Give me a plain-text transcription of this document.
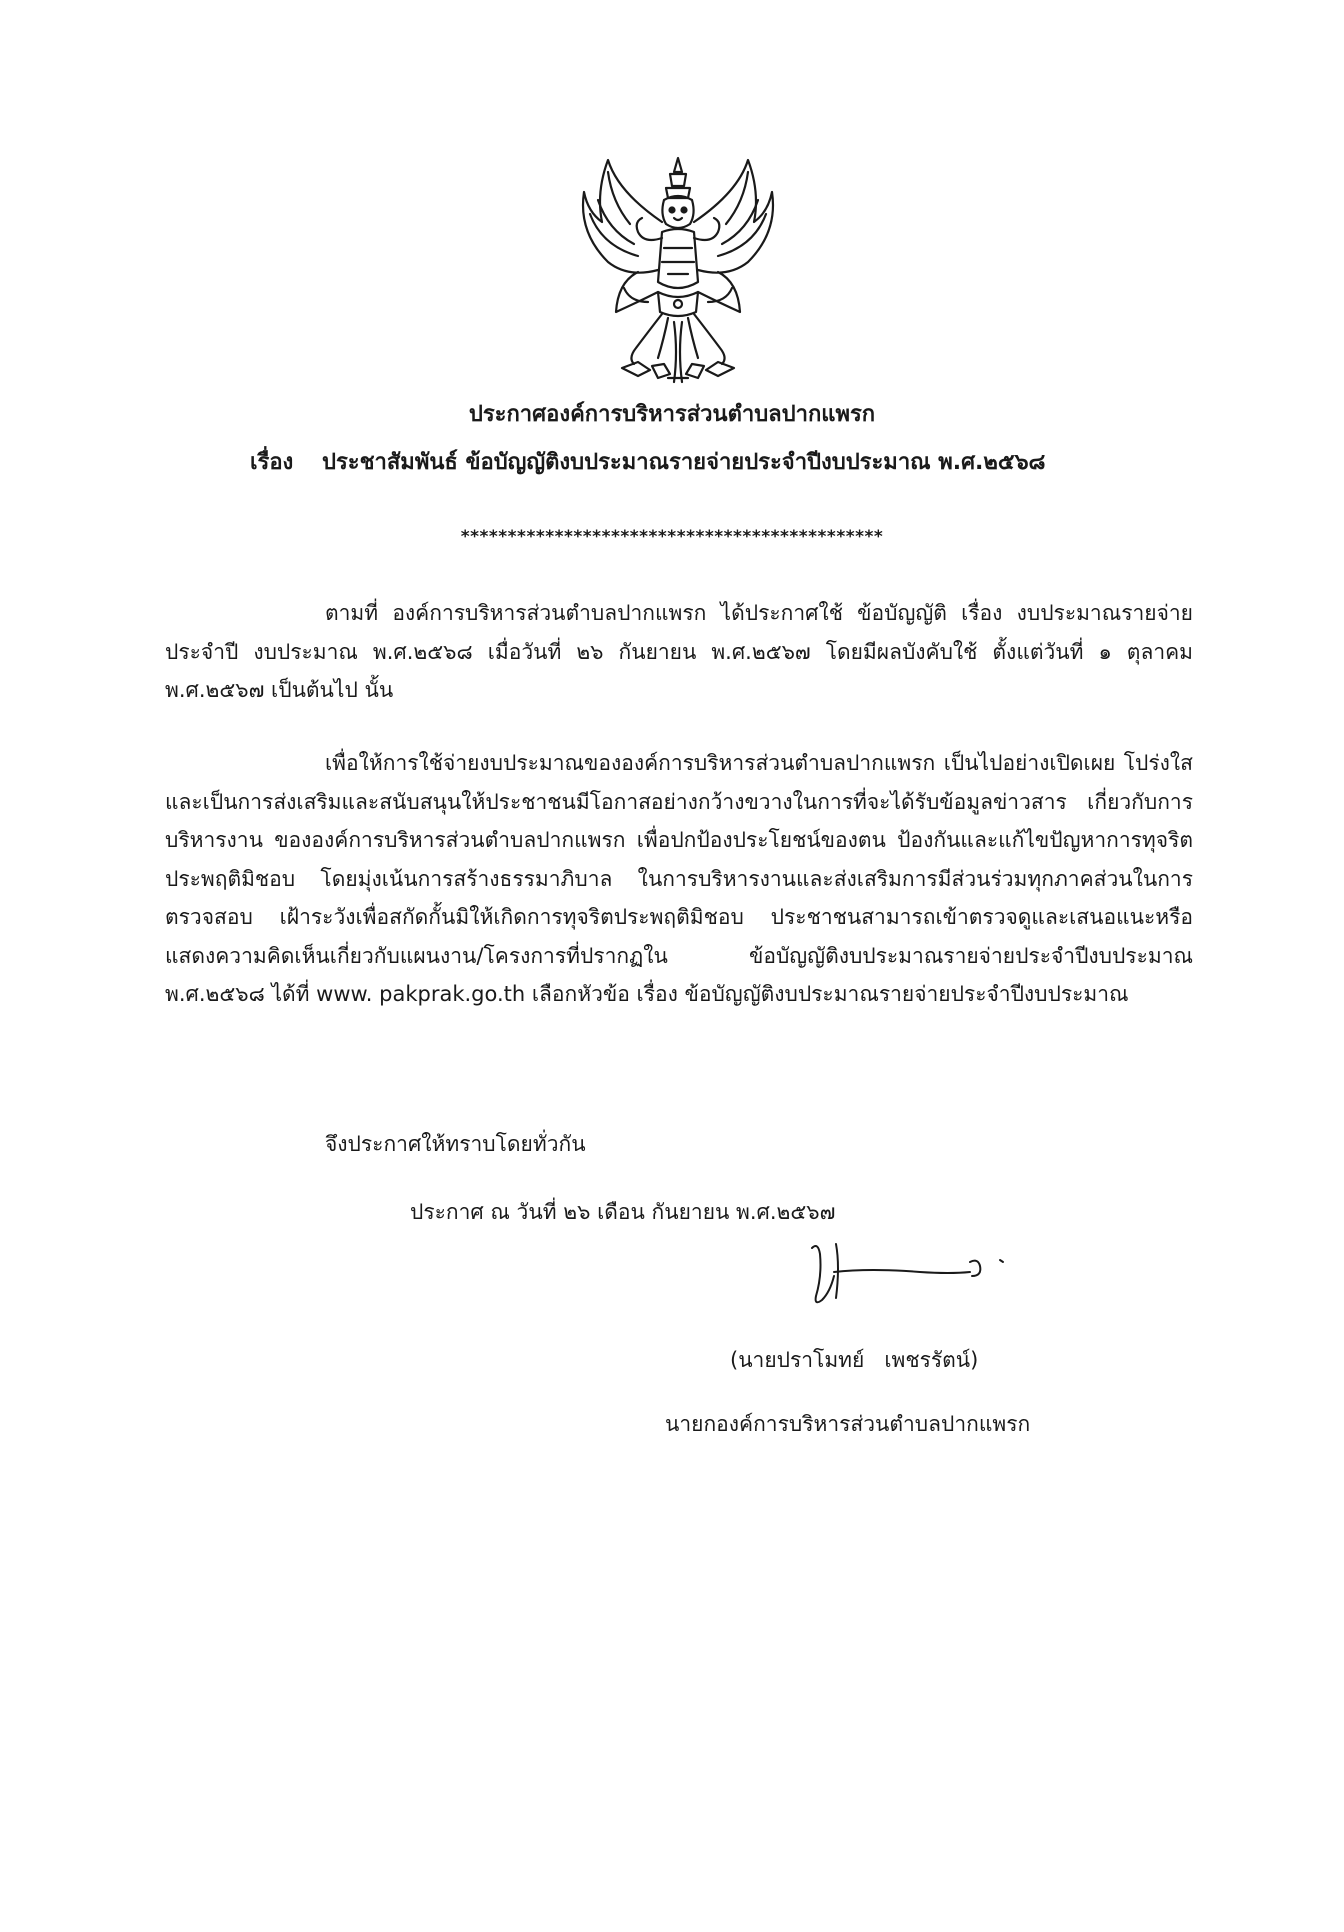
ประกาศองค์การบริหารส่วนตำบลปากแพรก
เรื่อง ประชาสัมพันธ์ ข้อบัญญัติงบประมาณรายจ่ายประจำปีงบประมาณ พ.ศ.๒๕๖๘
*********************************************
ตามที่ องค์การบริหารส่วนตำบลปากแพรก ได้ประกาศใช้ ข้อบัญญัติ เรื่อง งบประมาณรายจ่ายประจำปี งบประมาณ พ.ศ.๒๕๖๘ เมื่อวันที่ ๒๖ กันยายน พ.ศ.๒๕๖๗ โดยมีผลบังคับใช้ ตั้งแต่วันที่ ๑ ตุลาคม พ.ศ.๒๕๖๗ เป็นต้นไป นั้น
เพื่อให้การใช้จ่ายงบประมาณขององค์การบริหารส่วนตำบลปากแพรก เป็นไปอย่างเปิดเผย โปร่งใส และเป็นการส่งเสริมและสนับสนุนให้ประชาชนมีโอกาสอย่างกว้างขวางในการที่จะได้รับข้อมูลข่าวสาร เกี่ยวกับการบริหารงาน ขององค์การบริหารส่วนตำบลปากแพรก เพื่อปกป้องประโยชน์ของตน ป้องกันและแก้ไขปัญหาการทุจริต ประพฤติมิชอบ โดยมุ่งเน้นการสร้างธรรมาภิบาล ในการบริหารงานและส่งเสริมการมีส่วนร่วมทุกภาคส่วนในการตรวจสอบ เฝ้าระวังเพื่อสกัดกั้นมิให้เกิดการทุจริตประพฤติมิชอบ ประชาชนสามารถเข้าตรวจดูและเสนอแนะหรือแสดงความคิดเห็นเกี่ยวกับแผนงาน/โครงการที่ปรากฏใน ข้อบัญญัติงบประมาณรายจ่ายประจำปีงบประมาณ พ.ศ.๒๕๖๘ ได้ที่ www. pakprak.go.th เลือกหัวข้อ เรื่อง ข้อบัญญัติงบประมาณรายจ่ายประจำปีงบประมาณ
จึงประกาศให้ทราบโดยทั่วกัน
ประกาศ ณ วันที่ ๒๖ เดือน กันยายน พ.ศ.๒๕๖๗
(นายปราโมทย์   เพชรรัตน์)
นายกองค์การบริหารส่วนตำบลปากแพรก
